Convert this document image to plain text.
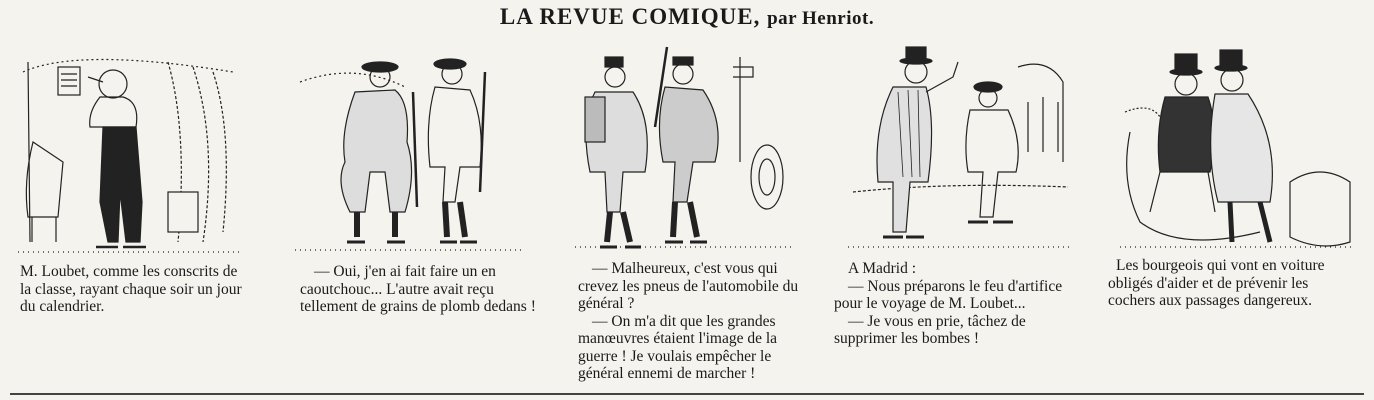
LA REVUE COMIQUE, par Henriot.

M. Loubet, comme les conscrits de la classe, rayant chaque soir un jour du calendrier.

— Oui, j'en ai fait faire un en caoutchouc... L'autre avait reçu tellement de grains de plomb dedans !

— Malheureux, c'est vous qui crevez les pneus de l'automobile du général ?

— On m'a dit que les grandes manœuvres étaient l'image de la guerre ! Je voulais empêcher le général ennemi de marcher !

A Madrid :

— Nous préparons le feu d'artifice pour le voyage de M. Loubet...

— Je vous en prie, tâchez de supprimer les bombes !

Les bourgeois qui vont en voiture obligés d'aider et de prévenir les cochers aux passages dangereux.
